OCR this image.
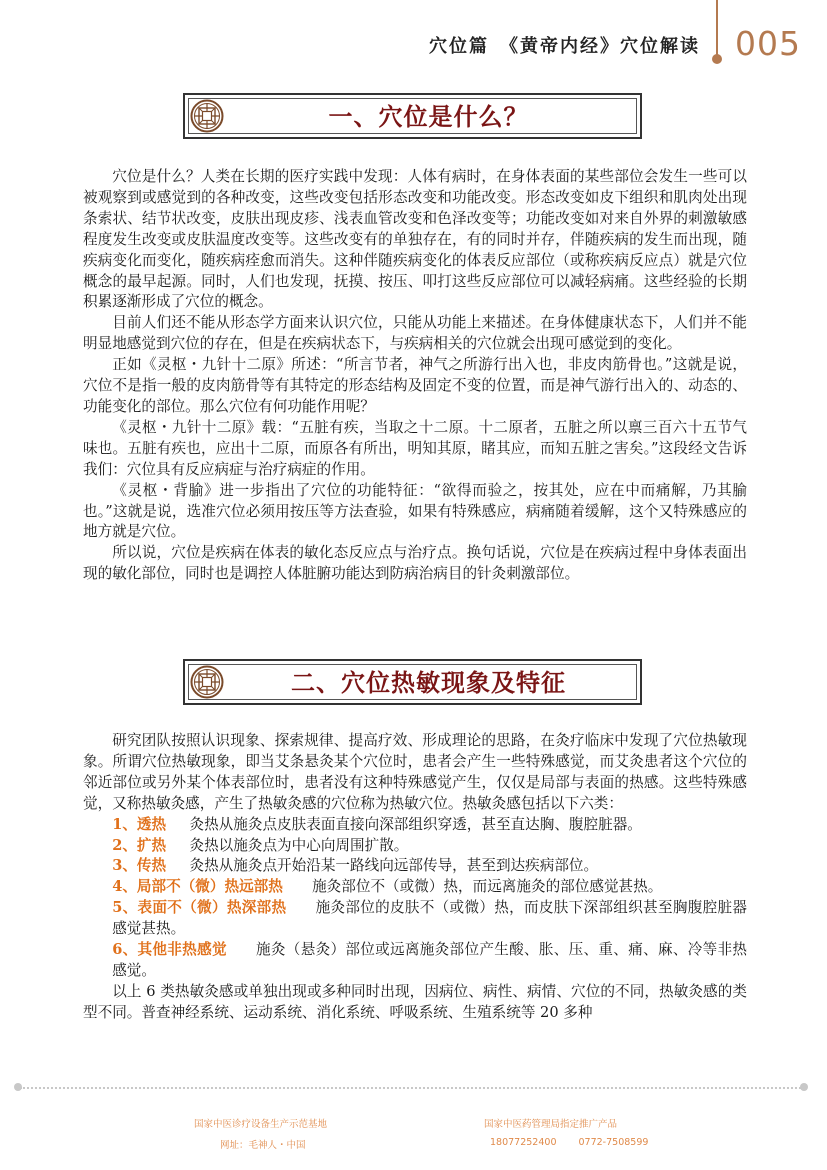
穴位篇　《黄帝内经》穴位解读 005
一、穴位是什么？

穴位是什么？人类在长期的医疗实践中发现：人体有病时，在身体表面的某些部位会发生一些可以被观察到或感觉到的各种改变，这些改变包括形态改变和功能改变。形态改变如皮下组织和肌肉处出现条索状、结节状改变，皮肤出现皮疹、浅表血管改变和色泽改变等；功能改变如对来自外界的刺激敏感程度发生改变或皮肤温度改变等。这些改变有的单独存在，有的同时并存，伴随疾病的发生而出现，随疾病变化而变化，随疾病痊愈而消失。这种伴随疾病变化的体表反应部位（或称疾病反应点）就是穴位概念的最早起源。同时，人们也发现，抚摸、按压、叩打这些反应部位可以减轻病痛。这些经验的长期积累逐渐形成了穴位的概念。

目前人们还不能从形态学方面来认识穴位，只能从功能上来描述。在身体健康状态下，人们并不能明显地感觉到穴位的存在，但是在疾病状态下，与疾病相关的穴位就会出现可感觉到的变化。

正如《灵枢・九针十二原》所述：“所言节者，神气之所游行出入也，非皮肉筋骨也。”这就是说，穴位不是指一般的皮肉筋骨等有其特定的形态结构及固定不变的位置，而是神气游行出入的、动态的、功能变化的部位。那么穴位有何功能作用呢？

《灵枢・九针十二原》载：“五脏有疾，当取之十二原。十二原者，五脏之所以禀三百六十五节气味也。五脏有疾也，应出十二原，而原各有所出，明知其原，睹其应，而知五脏之害矣。”这段经文告诉我们：穴位具有反应病症与治疗病症的作用。

《灵枢・背腧》进一步指出了穴位的功能特征：“欲得而验之，按其处，应在中而痛解，乃其腧也。”这就是说，选准穴位必须用按压等方法查验，如果有特殊感应，病痛随着缓解，这个又特殊感应的地方就是穴位。

所以说，穴位是疾病在体表的敏化态反应点与治疗点。换句话说，穴位是在疾病过程中身体表面出现的敏化部位，同时也是调控人体脏腑功能达到防病治病目的针灸刺激部位。

二、穴位热敏现象及特征

研究团队按照认识现象、探索规律、提高疗效、形成理论的思路，在灸疗临床中发现了穴位热敏现象。所谓穴位热敏现象，即当艾条悬灸某个穴位时，患者会产生一些特殊感觉，而艾灸患者这个穴位的邻近部位或另外某个体表部位时，患者没有这种特殊感觉产生，仅仅是局部与表面的热感。这些特殊感觉，又称热敏灸感，产生了热敏灸感的穴位称为热敏穴位。热敏灸感包括以下六类：

1、透热 灸热从施灸点皮肤表面直接向深部组织穿透，甚至直达胸、腹腔脏器。

2、扩热 灸热以施灸点为中心向周围扩散。

3、传热 灸热从施灸点开始沿某一路线向远部传导，甚至到达疾病部位。

4、局部不（微）热远部热 施灸部位不（或微）热，而远离施灸的部位感觉甚热。

5、表面不（微）热深部热 施灸部位的皮肤不（或微）热，而皮肤下深部组织甚至胸腹腔脏器感觉甚热。

6、其他非热感觉 施灸（悬灸）部位或远离施灸部位产生酸、胀、压、重、痛、麻、冷等非热感觉。

以上 6 类热敏灸感或单独出现或多种同时出现，因病位、病性、病情、穴位的不同，热敏灸感的类型不同。普查神经系统、运动系统、消化系统、呼吸系统、生殖系统等 20 多种

国家中医诊疗设备生产示范基地
网址：毛神人・中国
国家中医药管理局指定推广产品
18077252400 0772-7508599
